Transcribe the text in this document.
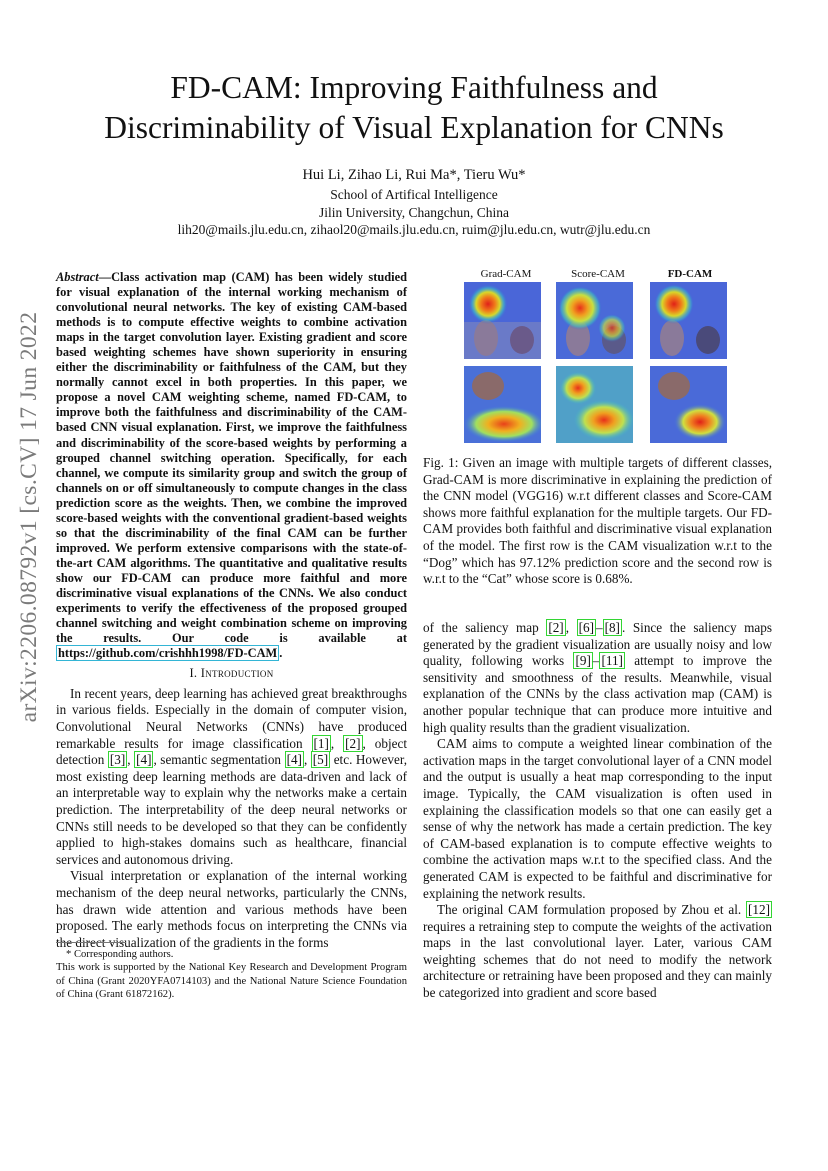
arXiv:2206.08792v1 [cs.CV] 17 Jun 2022
FD-CAM: Improving Faithfulness and
Discriminability of Visual Explanation for CNNs
Hui Li, Zihao Li, Rui Ma*, Tieru Wu*
School of Artifical Intelligence
Jilin University, Changchun, China
lih20@mails.jlu.edu.cn, zihaol20@mails.jlu.edu.cn, ruim@jlu.edu.cn, wutr@jlu.edu.cn
Abstract—Class activation map (CAM) has been widely studied for visual explanation of the internal working mechanism of convolutional neural networks. The key of existing CAM-based methods is to compute effective weights to combine activation maps in the target convolution layer. Existing gradient and score based weighting schemes have shown superiority in ensuring either the discriminability or faithfulness of the CAM, but they normally cannot excel in both properties. In this paper, we propose a novel CAM weighting scheme, named FD-CAM, to improve both the faithfulness and discriminability of the CAM-based CNN visual explanation. First, we improve the faithfulness and discriminability of the score-based weights by performing a grouped channel switching operation. Specifically, for each channel, we compute its similarity group and switch the group of channels on or off simultaneously to compute changes in the class prediction score as the weights. Then, we combine the improved score-based weights with the conventional gradient-based weights so that the discriminability of the final CAM can be further improved. We perform extensive comparisons with the state-of-the-art CAM algorithms. The quantitative and qualitative results show our FD-CAM can produce more faithful and more discriminative visual explanations of the CNNs. We also conduct experiments to verify the effectiveness of the proposed grouped channel switching and weight combination scheme on improving the results. Our code is available at https://github.com/crishhh1998/FD-CAM .
I. Introduction

In recent years, deep learning has achieved great breakthroughs in various fields. Especially in the domain of computer vision, Convolutional Neural Networks (CNNs) have produced remarkable results for image classification [1] , [2] , object detection [3] , [4] , semantic segmentation [4] , [5] etc. However, most existing deep learning methods are data-driven and lack of an interpretable way to explain why the networks make a certain prediction. The interpretability of the deep neural networks or CNNs still needs to be developed so that they can be confidently applied to high-stakes domains such as healthcare, financial services and autonomous driving.

Visual interpretation or explanation of the internal working mechanism of the deep neural networks, particularly the CNNs, has drawn wide attention and various methods have been proposed. The early methods focus on interpreting the CNNs via the direct visualization of the gradients in the forms

* Corresponding authors.
This work is supported by the National Key Research and Development Program of China (Grant 2020YFA0714103) and the National Nature Science Foundation of China (Grant 61872162).
Grad-CAM	Score-CAM	FD-CAM
Fig. 1: Given an image with multiple targets of different classes, Grad-CAM is more discriminative in explaining the prediction of the CNN model (VGG16) w.r.t different classes and Score-CAM shows more faithful explanation for the multiple targets. Our FD-CAM provides both faithful and discriminative visual explanation of the model. The first row is the CAM visualization w.r.t to the “Dog” which has 97.12% prediction score and the second row is w.r.t to the “Cat” whose score is 0.68%.

of the saliency map [2] , [6] – [8] . Since the saliency maps generated by the gradient visualization are usually noisy and low quality, following works [9] – [11] attempt to improve the sensitivity and smoothness of the results. Meanwhile, visual explanation of the CNNs by the class activation map (CAM) is another popular technique that can produce more intuitive and high quality results than the gradient visualization.

CAM aims to compute a weighted linear combination of the activation maps in the target convolutional layer of a CNN model and the output is usually a heat map corresponding to the input image. Typically, the CAM visualization is often used in explaining the classification models so that one can easily get a sense of why the network has made a certain prediction. The key of CAM-based explanation is to compute effective weights to combine the activation maps w.r.t to the specified class. And the generated CAM is expected to be faithful and discriminative for explaining the network results.

The original CAM formulation proposed by Zhou et al. [12] requires a retraining step to compute the weights of the activation maps in the last convolutional layer. Later, various CAM weighting schemes that do not need to modify the network architecture or retraining have been proposed and they can mainly be categorized into gradient and score based
